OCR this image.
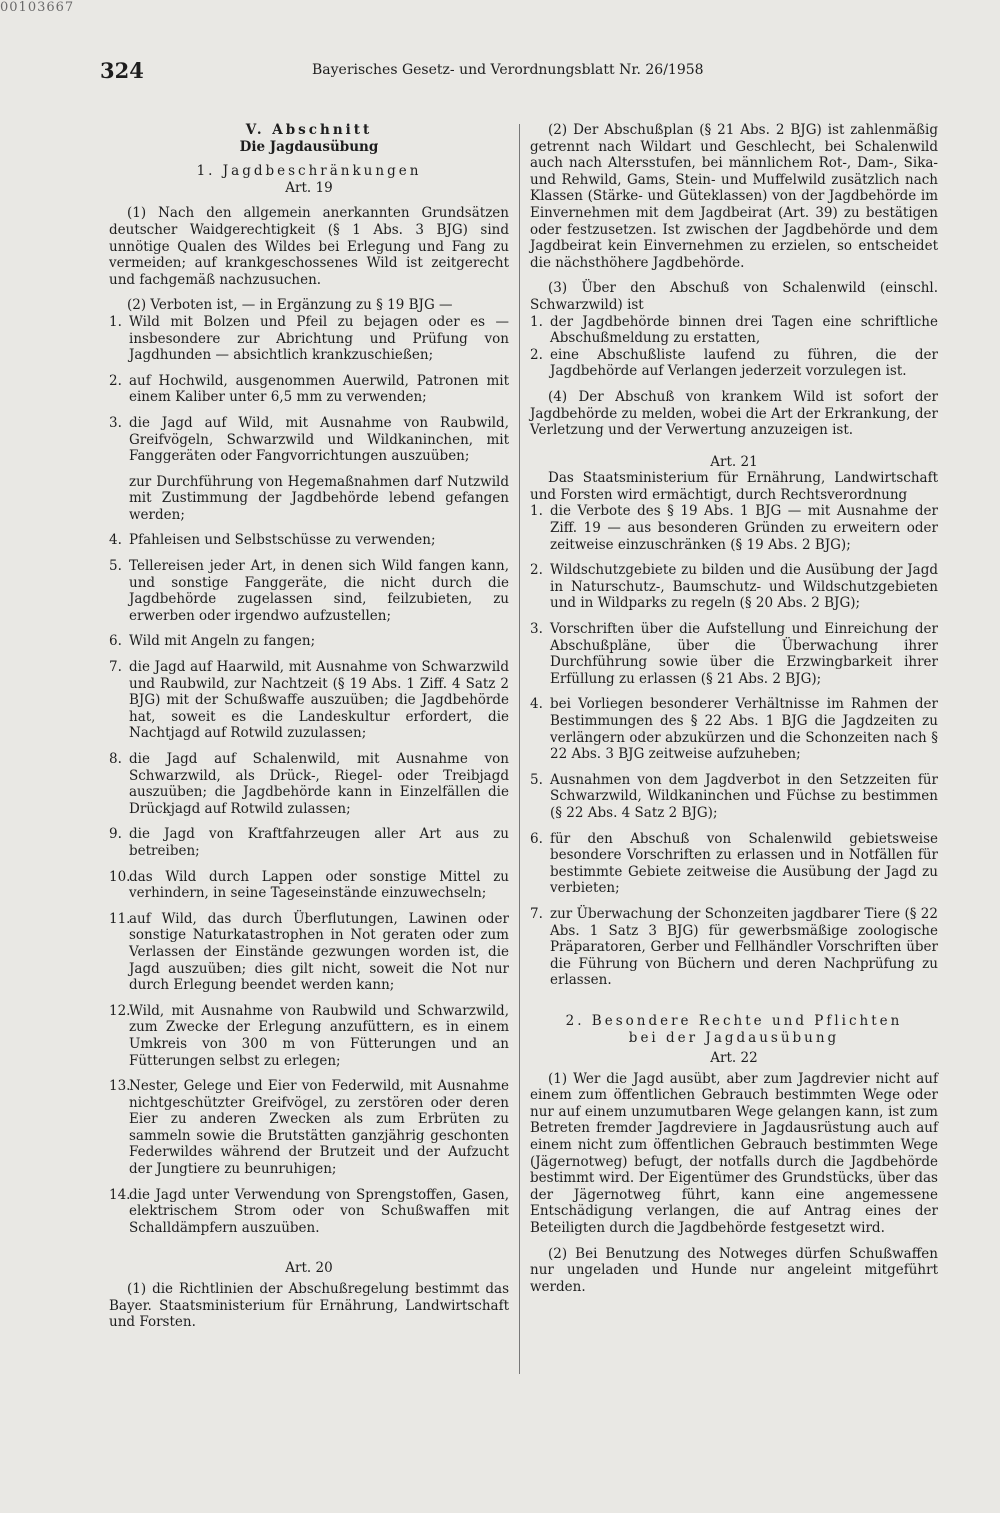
00103667
324	Bayerisches Gesetz- und Verordnungsblatt Nr. 26/1958

V. Abschnitt

Die Jagdausübung

1. Jagdbeschränkungen

Art. 19

(1) Nach den allgemein anerkannten Grundsätzen deutscher Waidgerechtigkeit (§ 1 Abs. 3 BJG) sind unnötige Qualen des Wildes bei Erlegung und Fang zu vermeiden; auf krankgeschossenes Wild ist zeitgerecht und fachgemäß nachzusuchen.

(2) Verboten ist, — in Ergänzung zu § 19 BJG —

1. Wild mit Bolzen und Pfeil zu bejagen oder es — insbesondere zur Abrichtung und Prüfung von Jagdhunden — absichtlich krankzuschießen;
2. auf Hochwild, ausgenommen Auerwild, Patronen mit einem Kaliber unter 6,5 mm zu verwenden;
3. die Jagd auf Wild, mit Ausnahme von Raubwild, Greifvögeln, Schwarzwild und Wildkaninchen, mit Fanggeräten oder Fangvorrichtungen auszuüben;

zur Durchführung von Hegemaßnahmen darf Nutzwild mit Zustimmung der Jagdbehörde lebend gefangen werden;

4. Pfahleisen und Selbstschüsse zu verwenden;
5. Tellereisen jeder Art, in denen sich Wild fangen kann, und sonstige Fanggeräte, die nicht durch die Jagdbehörde zugelassen sind, feilzubieten, zu erwerben oder irgendwo aufzustellen;
6. Wild mit Angeln zu fangen;
7. die Jagd auf Haarwild, mit Ausnahme von Schwarzwild und Raubwild, zur Nachtzeit (§ 19 Abs. 1 Ziff. 4 Satz 2 BJG) mit der Schußwaffe auszuüben; die Jagdbehörde hat, soweit es die Landeskultur erfordert, die Nachtjagd auf Rotwild zuzulassen;
8. die Jagd auf Schalenwild, mit Ausnahme von Schwarzwild, als Drück-, Riegel- oder Treibjagd auszuüben; die Jagdbehörde kann in Einzelfällen die Drückjagd auf Rotwild zulassen;
9. die Jagd von Kraftfahrzeugen aller Art aus zu betreiben;
10.
das Wild durch Lappen oder sonstige Mittel zu verhindern, in seine Tageseinstände einzuwechseln;
11.
auf Wild, das durch Überflutungen, Lawinen oder sonstige Naturkatastrophen in Not geraten oder zum Verlassen der Einstände gezwungen worden ist, die Jagd auszuüben; dies gilt nicht, soweit die Not nur durch Erlegung beendet werden kann;
12.
Wild, mit Ausnahme von Raubwild und Schwarzwild, zum Zwecke der Erlegung anzufüttern, es in einem Umkreis von 300 m von Fütterungen und an Fütterungen selbst zu erlegen;
13.
Nester, Gelege und Eier von Federwild, mit Ausnahme nichtgeschützter Greifvögel, zu zerstören oder deren Eier zu anderen Zwecken als zum Erbrüten zu sammeln sowie die Brutstätten ganzjährig geschonten Federwildes während der Brutzeit und der Aufzucht der Jungtiere zu beunruhigen;
14.
die Jagd unter Verwendung von Sprengstoffen, Gasen, elektrischem Strom oder von Schußwaffen mit Schalldämpfern auszuüben.

Art. 20

(1) die Richtlinien der Abschußregelung bestimmt das Bayer. Staatsministerium für Ernährung, Landwirtschaft und Forsten.

(2) Der Abschußplan (§ 21 Abs. 2 BJG) ist zahlenmäßig getrennt nach Wildart und Geschlecht, bei Schalenwild auch nach Altersstufen, bei männlichem Rot-, Dam-, Sika- und Rehwild, Gams, Stein- und Muffelwild zusätzlich nach Klassen (Stärke- und Güteklassen) von der Jagdbehörde im Einvernehmen mit dem Jagdbeirat (Art. 39) zu bestätigen oder festzusetzen. Ist zwischen der Jagdbehörde und dem Jagdbeirat kein Einvernehmen zu erzielen, so entscheidet die nächsthöhere Jagdbehörde.

(3) Über den Abschuß von Schalenwild (einschl. Schwarzwild) ist

1. der Jagdbehörde binnen drei Tagen eine schriftliche Abschußmeldung zu erstatten,
2. eine Abschußliste laufend zu führen, die der Jagdbehörde auf Verlangen jederzeit vorzulegen ist.

(4) Der Abschuß von krankem Wild ist sofort der Jagdbehörde zu melden, wobei die Art der Erkrankung, der Verletzung und der Verwertung anzuzeigen ist.

Art. 21

Das Staatsministerium für Ernährung, Landwirtschaft und Forsten wird ermächtigt, durch Rechtsverordnung

1. die Verbote des § 19 Abs. 1 BJG — mit Ausnahme der Ziff. 19 — aus besonderen Gründen zu erweitern oder zeitweise einzuschränken (§ 19 Abs. 2 BJG);
2. Wildschutzgebiete zu bilden und die Ausübung der Jagd in Naturschutz-, Baumschutz- und Wildschutzgebieten und in Wildparks zu regeln (§ 20 Abs. 2 BJG);
3. Vorschriften über die Aufstellung und Einreichung der Abschußpläne, über die Überwachung ihrer Durchführung sowie über die Erzwingbarkeit ihrer Erfüllung zu erlassen (§ 21 Abs. 2 BJG);
4. bei Vorliegen besonderer Verhältnisse im Rahmen der Bestimmungen des § 22 Abs. 1 BJG die Jagdzeiten zu verlängern oder abzukürzen und die Schonzeiten nach § 22 Abs. 3 BJG zeitweise aufzuheben;
5. Ausnahmen von dem Jagdverbot in den Setzzeiten für Schwarzwild, Wildkaninchen und Füchse zu bestimmen (§ 22 Abs. 4 Satz 2 BJG);
6. für den Abschuß von Schalenwild gebietsweise besondere Vorschriften zu erlassen und in Notfällen für bestimmte Gebiete zeitweise die Ausübung der Jagd zu verbieten;
7. zur Überwachung der Schonzeiten jagdbarer Tiere (§ 22 Abs. 1 Satz 3 BJG) für gewerbsmäßige zoologische Präparatoren, Gerber und Fellhändler Vorschriften über die Führung von Büchern und deren Nachprüfung zu erlassen.

2. Besondere Rechte und Pflichten

bei der Jagdausübung

Art. 22

(1) Wer die Jagd ausübt, aber zum Jagdrevier nicht auf einem zum öffentlichen Gebrauch bestimmten Wege oder nur auf einem unzumutbaren Wege gelangen kann, ist zum Betreten fremder Jagdreviere in Jagdausrüstung auch auf einem nicht zum öffentlichen Gebrauch bestimmten Wege (Jägernotweg) befugt, der notfalls durch die Jagdbehörde bestimmt wird. Der Eigentümer des Grundstücks, über das der Jägernotweg führt, kann eine angemessene Entschädigung verlangen, die auf Antrag eines der Beteiligten durch die Jagdbehörde festgesetzt wird.

(2) Bei Benutzung des Notweges dürfen Schußwaffen nur ungeladen und Hunde nur angeleint mitgeführt werden.
